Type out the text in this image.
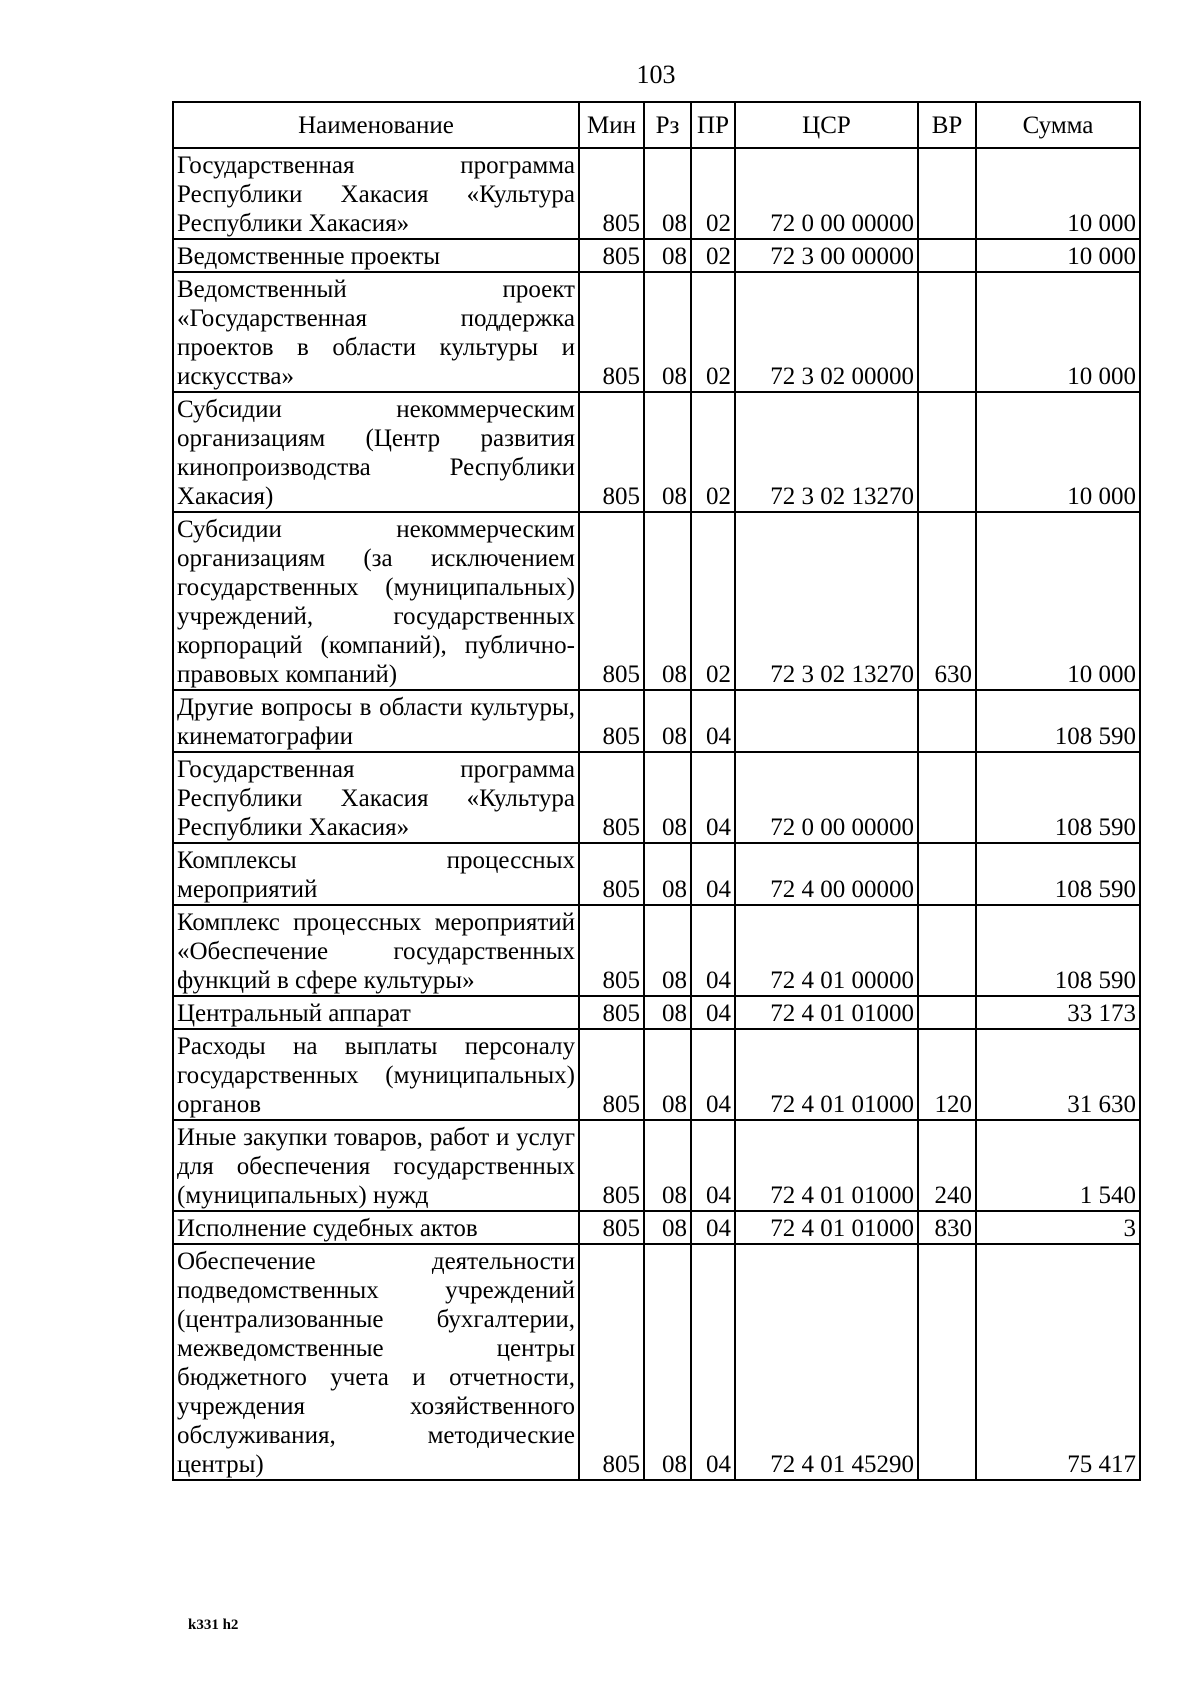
103
Наименование	Мин	Рз	ПР	ЦСР	ВР	Сумма
Государственная программа Республики Хакасия «Культура Республики Хакасия»	805	08	02	72 0 00 00000		10 000
Ведомственные проекты	805	08	02	72 3 00 00000		10 000
Ведомственный проект «Государственная поддержка проектов в области культуры и искусства»	805	08	02	72 3 02 00000		10 000
Субсидии некоммерческим организациям (Центр развития кинопроизводства Республики Хакасия)	805	08	02	72 3 02 13270		10 000
Субсидии некоммерческим организациям (за исключением государственных (муниципальных) учреждений, государственных корпораций (компаний), публично-правовых компаний)	805	08	02	72 3 02 13270	630	10 000
Другие вопросы в области культуры, кинематографии	805	08	04			108 590
Государственная программа Республики Хакасия «Культура Республики Хакасия»	805	08	04	72 0 00 00000		108 590
Комплексы процессных мероприятий	805	08	04	72 4 00 00000		108 590
Комплекс процессных мероприятий «Обеспечение государственных функций в сфере культуры»	805	08	04	72 4 01 00000		108 590
Центральный аппарат	805	08	04	72 4 01 01000		33 173
Расходы на выплаты персоналу государственных (муниципальных) органов	805	08	04	72 4 01 01000	120	31 630
Иные закупки товаров, работ и услуг для обеспечения государственных (муниципальных) нужд	805	08	04	72 4 01 01000	240	1 540
Исполнение судебных актов	805	08	04	72 4 01 01000	830	3
Обеспечение деятельности подведомственных учреждений (централизованные бухгалтерии, межведомственные центры бюджетного учета и отчетности, учреждения хозяйственного обслуживания, методические центры)	805	08	04	72 4 01 45290		75 417
k331 h2
